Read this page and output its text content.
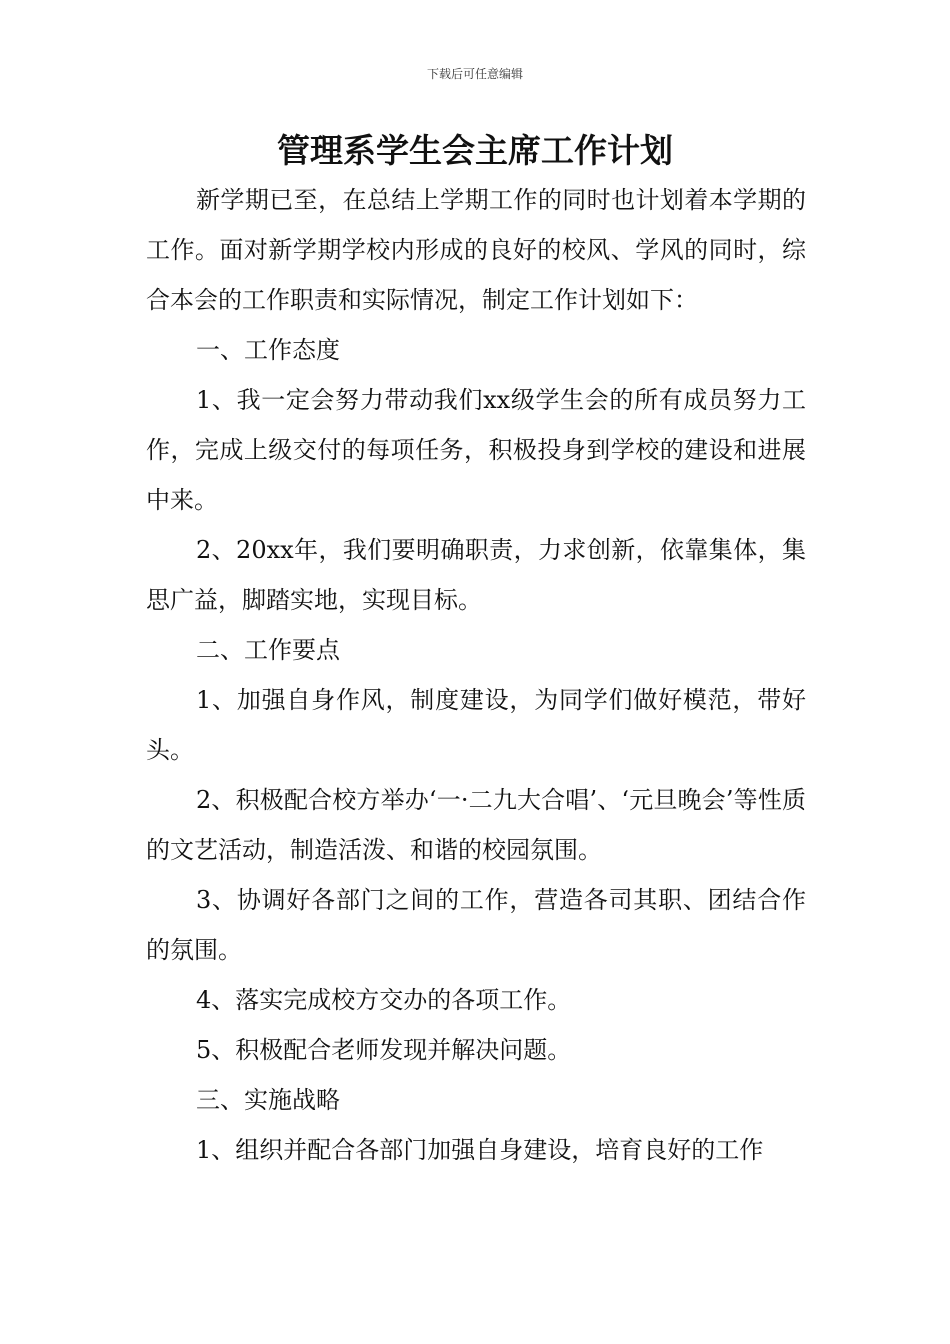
下载后可任意编辑
管理系学生会主席工作计划

新学期已至，在总结上学期工作的同时也计划着本学期的工作。面对新学期学校内形成的良好的校风、学风的同时，综合本会的工作职责和实际情况，制定工作计划如下：

一、工作态度

1、我一定会努力带动我们xx级学生会的所有成员努力工作，完成上级交付的每项任务，积极投身到学校的建设和进展中来。

2、20xx年，我们要明确职责，力求创新，依靠集体，集思广益，脚踏实地，实现目标。

二、工作要点

1、加强自身作风，制度建设，为同学们做好模范，带好头。

2、积极配合校方举办‘一·二九大合唱’、‘元旦晚会’等性质的文艺活动，制造活泼、和谐的校园氛围。

3、协调好各部门之间的工作，营造各司其职、团结合作的氛围。

4、落实完成校方交办的各项工作。

5、积极配合老师发现并解决问题。

三、实施战略

1、组织并配合各部门加强自身建设，培育良好的工作
